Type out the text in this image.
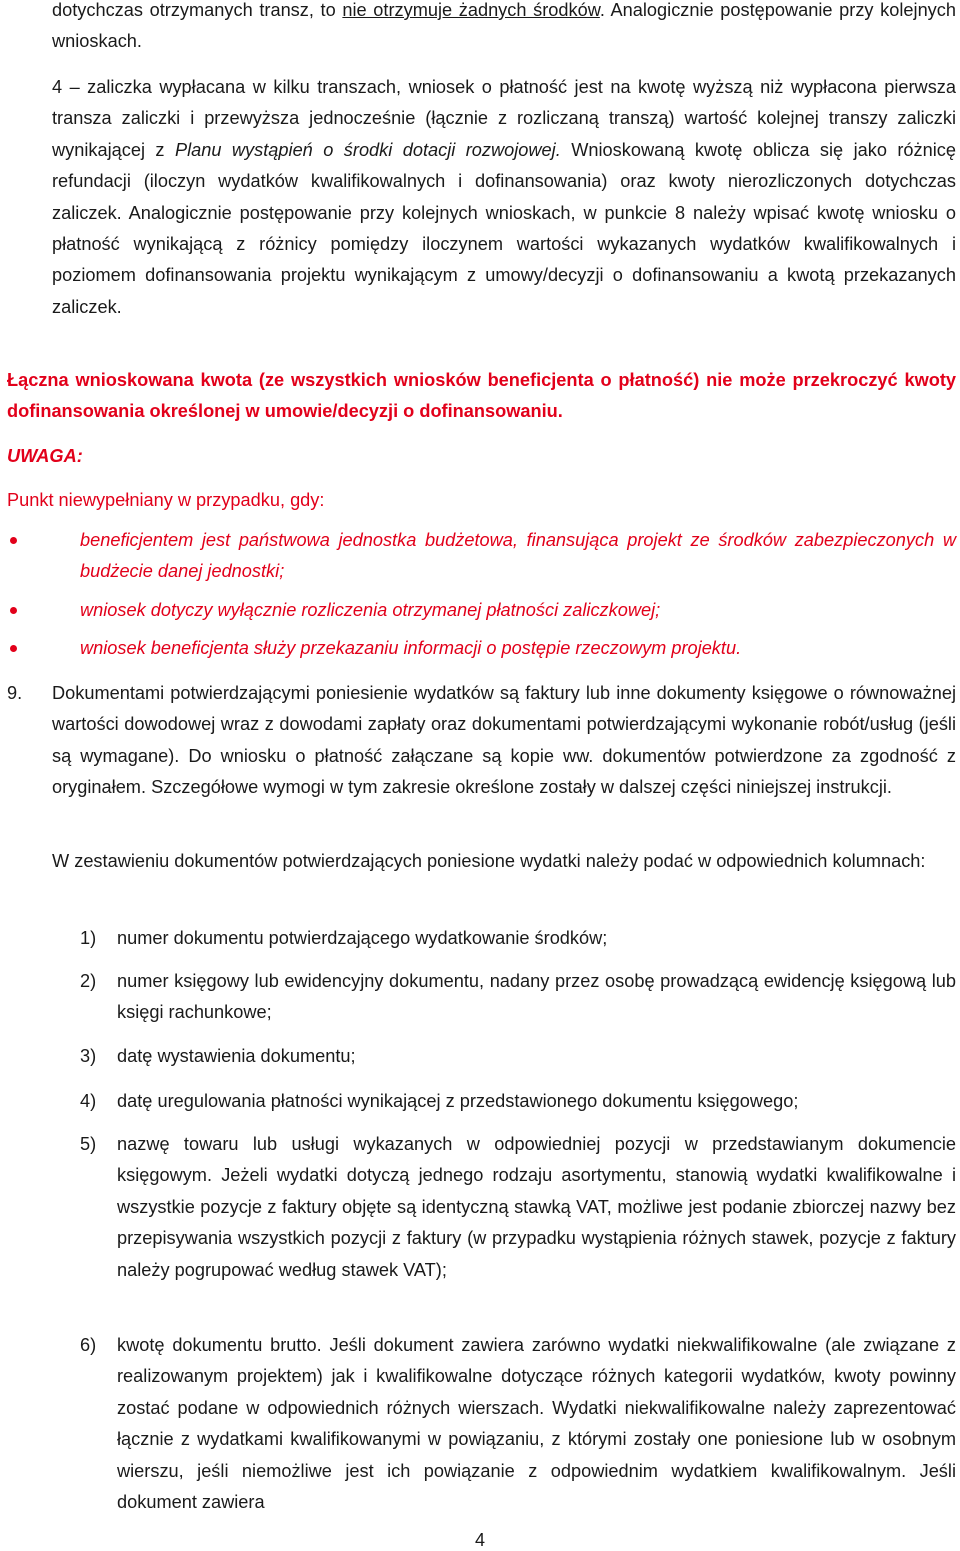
dotychczas otrzymanych transz, to nie otrzymuje żadnych środków. Analogicznie postępowanie przy kolejnych wnioskach.
4 – zaliczka wypłacana w kilku transzach, wniosek o płatność jest na kwotę wyższą niż wypłacona pierwsza transza zaliczki i przewyższa jednocześnie (łącznie z rozliczaną transzą) wartość kolejnej transzy zaliczki wynikającej z Planu wystąpień o środki dotacji rozwojowej. Wnioskowaną kwotę oblicza się jako różnicę refundacji (iloczyn wydatków kwalifikowalnych i dofinansowania) oraz kwoty nierozliczonych dotychczas zaliczek. Analogicznie postępowanie przy kolejnych wnioskach, w punkcie 8 należy wpisać kwotę wniosku o płatność wynikającą z różnicy pomiędzy iloczynem wartości wykazanych wydatków kwalifikowalnych i poziomem dofinansowania projektu wynikającym z umowy/decyzji o dofinansowaniu a kwotą przekazanych zaliczek.
Łączna wnioskowana kwota (ze wszystkich wniosków beneficjenta o płatność) nie może przekroczyć kwoty dofinansowania określonej w umowie/decyzji o dofinansowaniu.
UWAGA:
Punkt niewypełniany w przypadku, gdy:
beneficjentem jest państwowa jednostka budżetowa, finansująca projekt ze środków zabezpieczonych w budżecie danej jednostki;
wniosek dotyczy wyłącznie rozliczenia otrzymanej płatności zaliczkowej;
wniosek beneficjenta służy przekazaniu informacji o postępie rzeczowym projektu.
9. Dokumentami potwierdzającymi poniesienie wydatków są faktury lub inne dokumenty księgowe o równoważnej wartości dowodowej wraz z dowodami zapłaty oraz dokumentami potwierdzającymi wykonanie robót/usług (jeśli są wymagane). Do wniosku o płatność załączane są kopie ww. dokumentów potwierdzone za zgodność z oryginałem. Szczegółowe wymogi w tym zakresie określone zostały w dalszej części niniejszej instrukcji.
W zestawieniu dokumentów potwierdzających poniesione wydatki należy podać w odpowiednich kolumnach:
1) numer dokumentu potwierdzającego wydatkowanie środków;
2) numer księgowy lub ewidencyjny dokumentu, nadany przez osobę prowadzącą ewidencję księgową lub księgi rachunkowe;
3) datę wystawienia dokumentu;
4) datę uregulowania płatności wynikającej z przedstawionego dokumentu księgowego;
5) nazwę towaru lub usługi wykazanych w odpowiedniej pozycji w przedstawianym dokumencie księgowym. Jeżeli wydatki dotyczą jednego rodzaju asortymentu, stanowią wydatki kwalifikowalne i wszystkie pozycje z faktury objęte są identyczną stawką VAT, możliwe jest podanie zbiorczej nazwy bez przepisywania wszystkich pozycji z faktury (w przypadku wystąpienia różnych stawek, pozycje z faktury należy pogrupować według stawek VAT);
6) kwotę dokumentu brutto. Jeśli dokument zawiera zarówno wydatki niekwalifikowalne (ale związane z realizowanym projektem) jak i kwalifikowalne dotyczące różnych kategorii wydatków, kwoty powinny zostać podane w odpowiednich różnych wierszach. Wydatki niekwalifikowalne należy zaprezentować łącznie z wydatkami kwalifikowanymi w powiązaniu, z którymi zostały one poniesione lub w osobnym wierszu, jeśli niemożliwe jest ich powiązanie z odpowiednim wydatkiem kwalifikowalnym. Jeśli dokument zawiera
4
